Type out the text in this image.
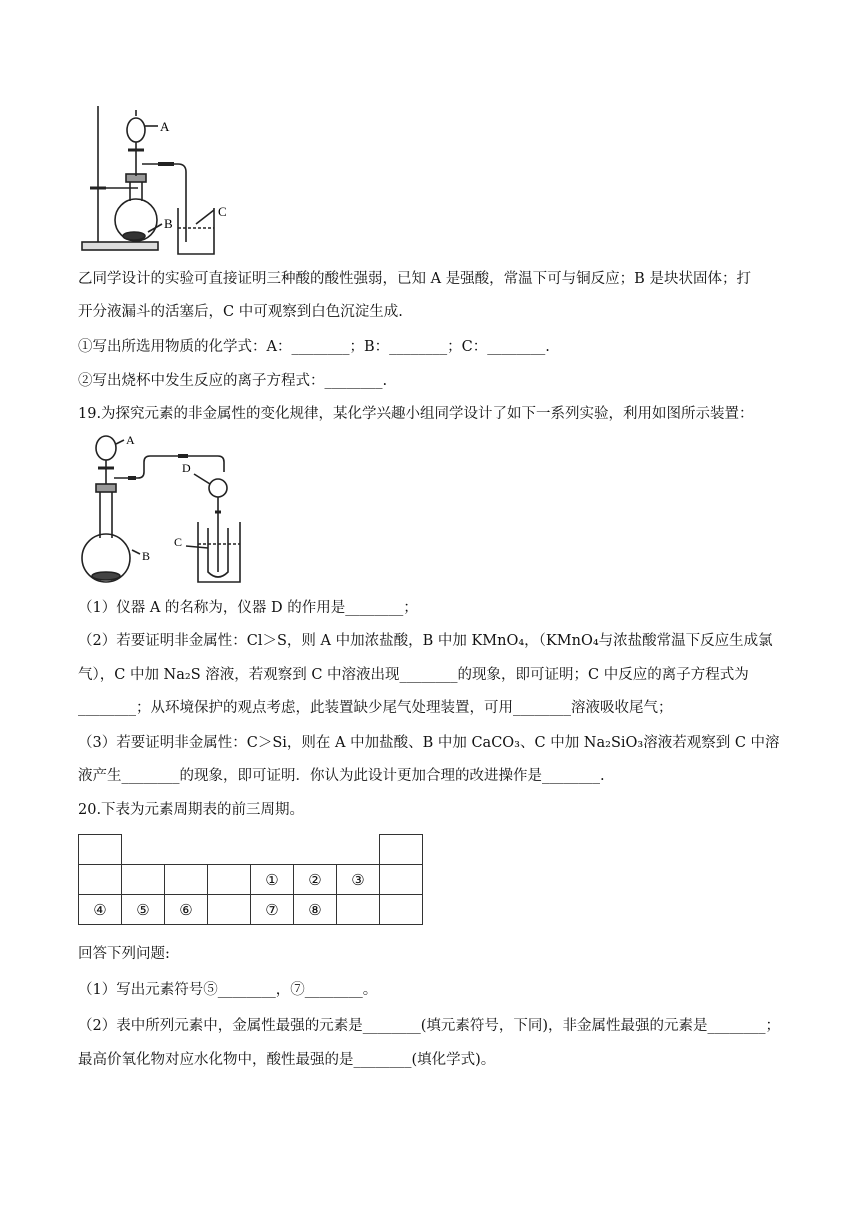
A
B
C
乙同学设计的实验可直接证明三种酸的酸性强弱，已知 A 是强酸，常温下可与铜反应；B 是块状固体；打
开分液漏斗的活塞后，C 中可观察到白色沉淀生成.
①写出所选用物质的化学式：A：________；B：________；C：________.
②写出烧杯中发生反应的离子方程式：________.
19.为探究元素的非金属性的变化规律，某化学兴趣小组同学设计了如下一系列实验，利用如图所示装置：
A
B
C
D
（1）仪器 A 的名称为，仪器 D 的作用是________；
（2）若要证明非金属性：Cl＞S，则 A 中加浓盐酸，B 中加 KMnO₄，（KMnO₄与浓盐酸常温下反应生成氯
气），C 中加 Na₂S 溶液，若观察到 C 中溶液出现________的现象，即可证明；C 中反应的离子方程式为
________；从环境保护的观点考虑，此装置缺少尾气处理装置，可用________溶液吸收尾气；
（3）若要证明非金属性：C＞Si，则在 A 中加盐酸、B 中加 CaCO₃、C 中加 Na₂SiO₃溶液若观察到 C 中溶
液产生________的现象，即可证明．你认为此设计更加合理的改进操作是________.
20.下表为元素周期表的前三周期。

				①	②	③	
④	⑤	⑥		⑦	⑧		
回答下列问题:
（1）写出元素符号⑤________，⑦________。
（2）表中所列元素中，金属性最强的元素是________(填元素符号，下同)，非金属性最强的元素是________；
最高价氧化物对应水化物中，酸性最强的是________(填化学式)。
